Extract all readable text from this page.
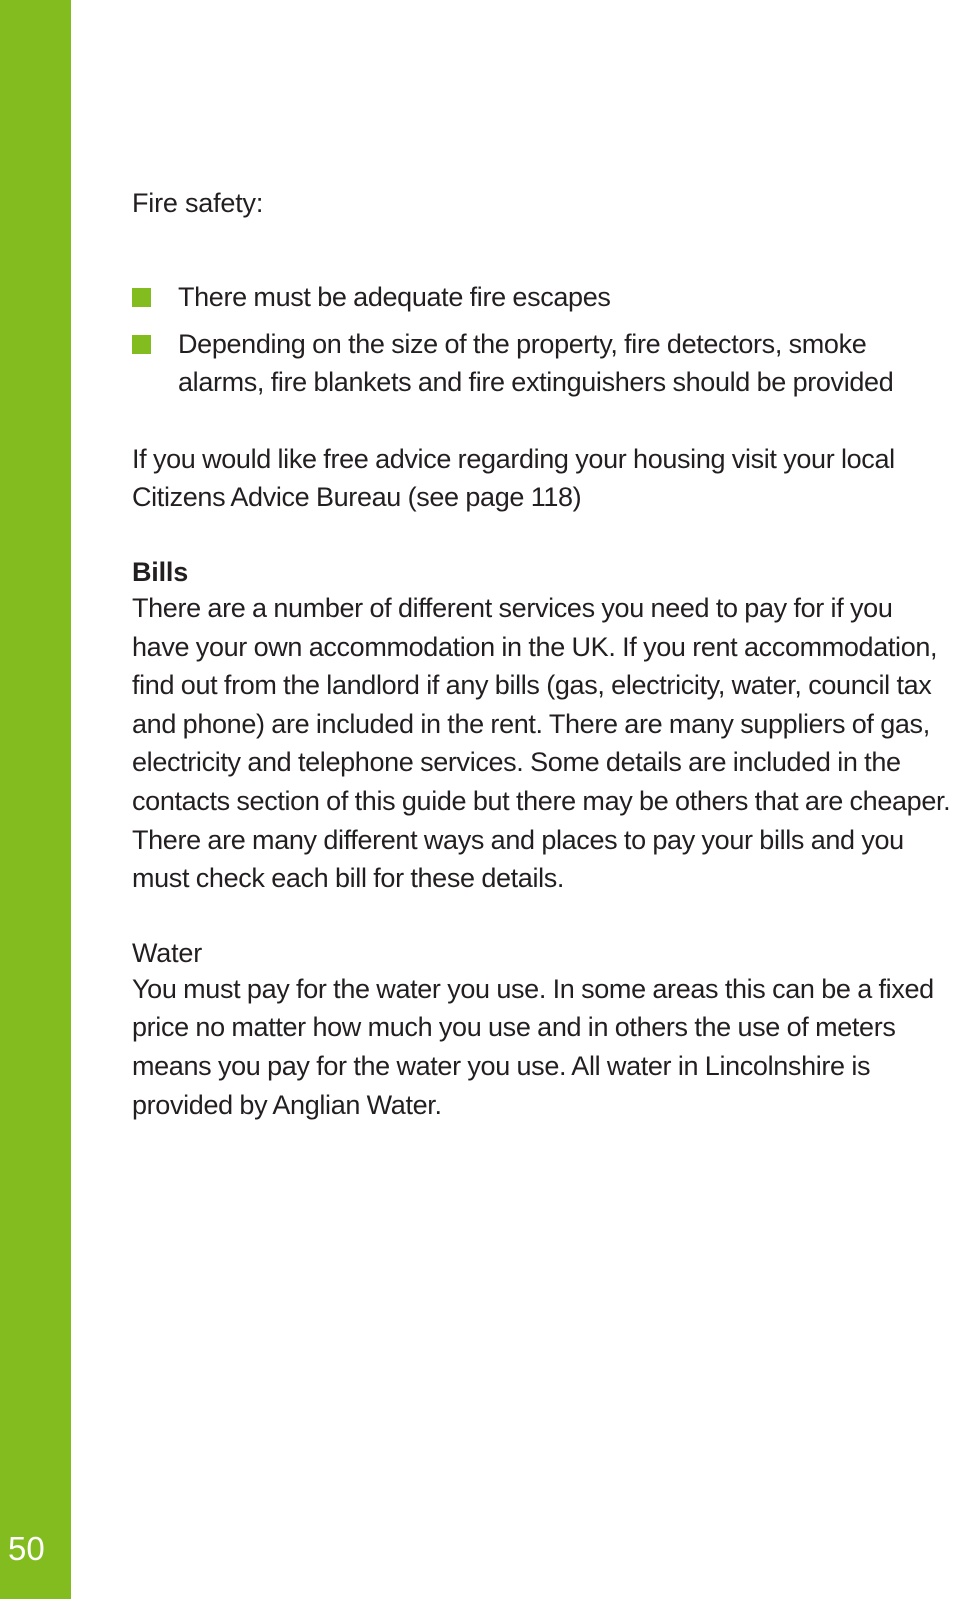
50
Fire safety:
There must be adequate fire escapes
Depending on the size of the property, fire detectors, smoke alarms, fire blankets and fire extinguishers should be provided

If you would like free advice regarding your housing visit your local Citizens Advice Bureau (see page 118)

Bills

There are a number of different services you need to pay for if you have your own accommodation in the UK. If you rent accommodation, find out from the landlord if any bills (gas, electricity, water, council tax and phone) are included in the rent. There are many suppliers of gas, electricity and telephone services. Some details are included in the contacts section of this guide but there may be others that are cheaper. There are many different ways and places to pay your bills and you must check each bill for these details.

Water

You must pay for the water you use. In some areas this can be a fixed price no matter how much you use and in others the use of meters means you pay for the water you use. All water in Lincolnshire is provided by Anglian Water.
